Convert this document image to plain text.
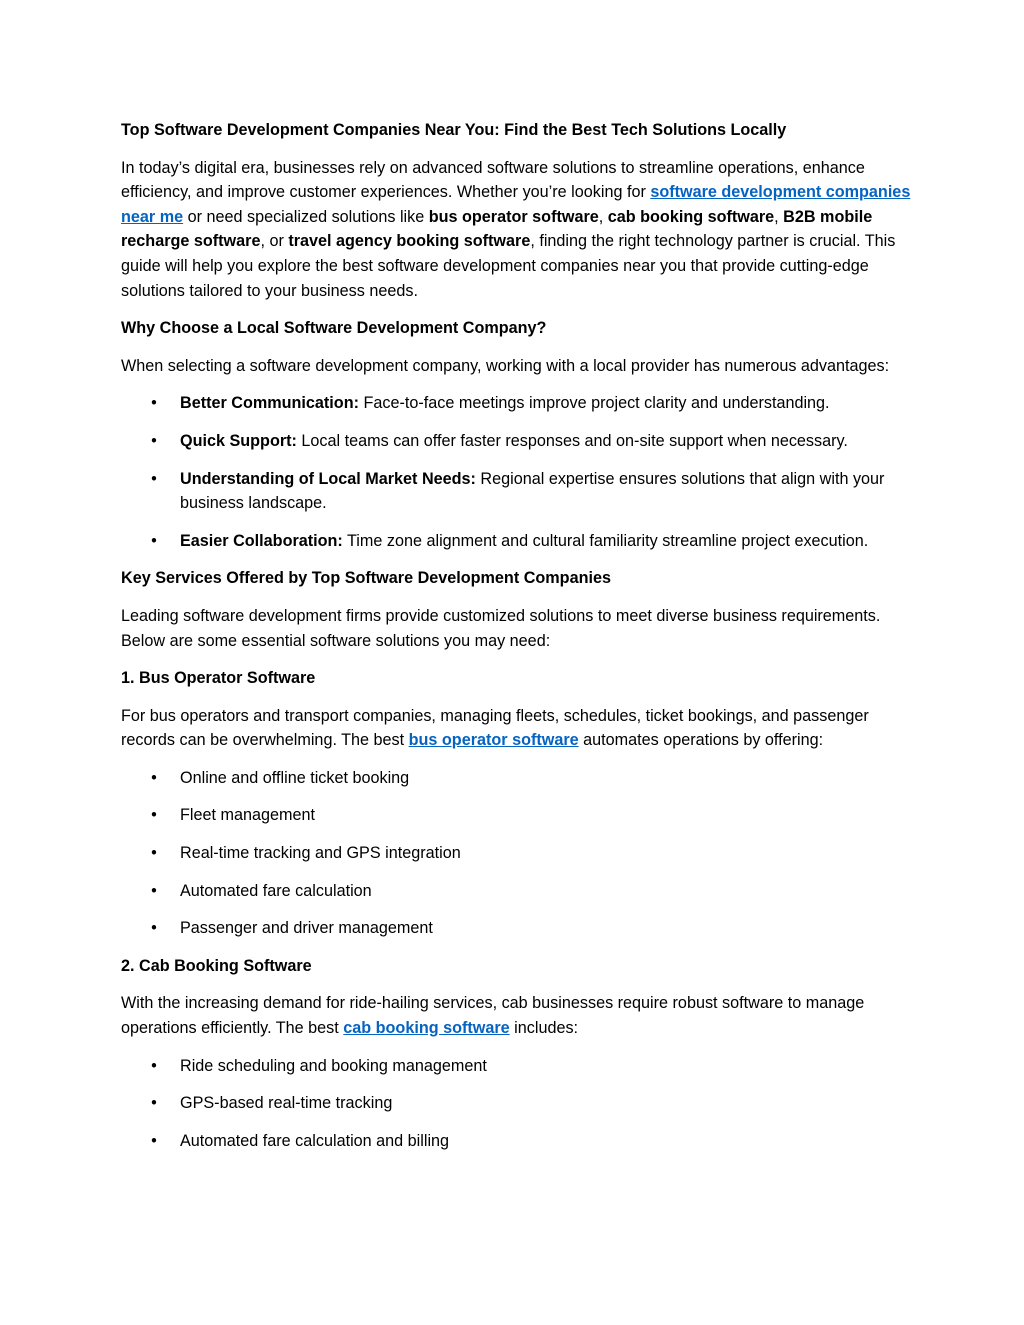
Top Software Development Companies Near You: Find the Best Tech Solutions Locally

In today’s digital era, businesses rely on advanced software solutions to streamline operations, enhance efficiency, and improve customer experiences. Whether you’re looking for software development companies near me or need specialized solutions like bus operator software, cab booking software, B2B mobile recharge software, or travel agency booking software, finding the right technology partner is crucial. This guide will help you explore the best software development companies near you that provide cutting-edge solutions tailored to your business needs.

Why Choose a Local Software Development Company?

When selecting a software development company, working with a local provider has numerous advantages:

• Better Communication: Face-to-face meetings improve project clarity and understanding.
• Quick Support: Local teams can offer faster responses and on-site support when necessary.
• Understanding of Local Market Needs: Regional expertise ensures solutions that align with your business landscape.
• Easier Collaboration: Time zone alignment and cultural familiarity streamline project execution.
Key Services Offered by Top Software Development Companies

Leading software development firms provide customized solutions to meet diverse business requirements. Below are some essential software solutions you may need:

1. Bus Operator Software

For bus operators and transport companies, managing fleets, schedules, ticket bookings, and passenger records can be overwhelming. The best bus operator software automates operations by offering:

• Online and offline ticket booking
• Fleet management
• Real-time tracking and GPS integration
• Automated fare calculation
• Passenger and driver management
2. Cab Booking Software

With the increasing demand for ride-hailing services, cab businesses require robust software to manage operations efficiently. The best cab booking software includes:

• Ride scheduling and booking management
• GPS-based real-time tracking
• Automated fare calculation and billing
